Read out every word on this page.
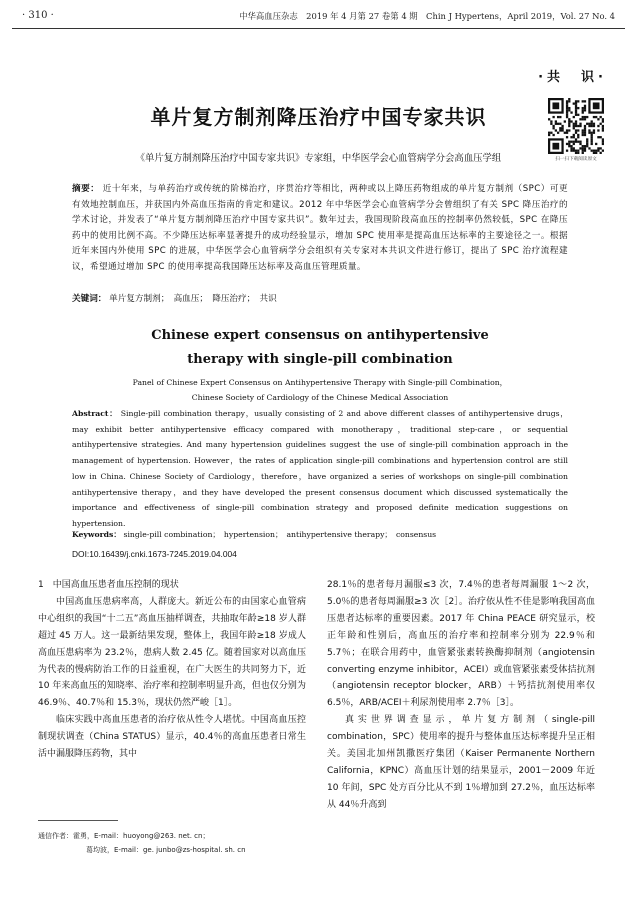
· 310 ·	中华高血压杂志　2019 年 4 月第 27 卷第 4 期　Chin J Hypertens，April 2019，Vol. 27 No. 4
·共　识·
单片复方制剂降压治疗中国专家共识
扫一扫下载阅读原文
《单片复方制剂降压治疗中国专家共识》专家组，中华医学会心血管病学分会高血压学组
摘要： 近十年来，与单药治疗或传统的阶梯治疗，序贯治疗等相比，两种或以上降压药物组成的单片复方制剂（SPC）可更有效地控制血压，并获国内外高血压指南的肯定和建议。2012 年中华医学会心血管病学分会曾组织了有关 SPC 降压治疗的学术讨论，并发表了“单片复方制剂降压治疗中国专家共识”。数年过去，我国现阶段高血压的控制率仍然较低，SPC 在降压药中的使用比例不高。不少降压达标率显著提升的成功经验显示，增加 SPC 使用率是提高血压达标率的主要途径之一。根据近年来国内外使用 SPC 的进展，中华医学会心血管病学分会组织有关专家对本共识文件进行修订，提出了 SPC 治疗流程建议，希望通过增加 SPC 的使用率提高我国降压达标率及高血压管理质量。
关键词： 单片复方制剂；　高血压；　降压治疗；　共识
Chinese expert consensus on antihypertensive
therapy with single-pill combination
Panel of Chinese Expert Consensus on Antihypertensive Therapy with Single-pill Combination，
Chinese Society of Cardiology of the Chinese Medical Association
Abstract： Single-pill combination therapy，usually consisting of 2 and above different classes of antihypertensive drugs，may exhibit better antihypertensive efficacy compared with monotherapy，traditional step-care，or sequential antihypertensive strategies. And many hypertension guidelines suggest the use of single-pill combination approach in the management of hypertension. However，the rates of application single-pill combinations and hypertension control are still low in China. Chinese Society of Cardiology，therefore，have organized a series of workshops on single-pill combination antihypertensive therapy，and they have developed the present consensus document which discussed systematically the importance and effectiveness of single-pill combination strategy and proposed definite medication suggestions on hypertension.
Keywords： single-pill combination；　hypertension；　antihypertensive therapy；　consensus
DOI:10.16439/j.cnki.1673-7245.2019.04.004

1　中国高血压患者血压控制的现状

中国高血压患病率高，人群庞大。新近公布的由国家心血管病中心组织的我国“十二五”高血压抽样调查，共抽取年龄≥18 岁人群超过 45 万人。这一最新结果发现，整体上，我国年龄≥18 岁成人高血压患病率为 23.2％，患病人数 2.45 亿。随着国家对以高血压为代表的慢病防治工作的日益重视，在广大医生的共同努力下，近 10 年来高血压的知晓率、治疗率和控制率明显升高，但也仅分别为 46.9％、40.7％和 15.3％，现状仍然严峻［1］。

临床实践中高血压患者的治疗依从性令人堪忧。中国高血压控制现状调查（China STATUS）显示，40.4％的高血压患者日常生活中漏服降压药物，其中

28.1％的患者每月漏服≤3 次，7.4％的患者每周漏服 1～2 次，5.0％的患者每周漏服≥3 次［2］。治疗依从性不佳是影响我国高血压患者达标率的重要因素。2017 年 China PEACE 研究显示，校正年龄和性别后，高血压的治疗率和控制率分别为 22.9％和 5.7％；在联合用药中，血管紧张素转换酶抑制剂（angiotensin converting enzyme inhibitor，ACEI）或血管紧张素受体拮抗剂（angiotensin receptor blocker，ARB）＋钙拮抗剂使用率仅 6.5％，ARB/ACEI＋利尿剂使用率 2.7％［3］。

真实世界调查显示，单片复方制剂（single-pill combination，SPC）使用率的提升与整体血压达标率提升呈正相关。美国北加州凯撒医疗集团（Kaiser Permanente Northern California，KPNC）高血压计划的结果显示，2001－2009 年近 10 年间，SPC 处方百分比从不到 1％增加到 27.2％，血压达标率从 44％升高到

通信作者：霍勇，E-mail：huoyong@263. net. cn；
葛均波，E-mail：ge. junbo@zs-hospital. sh. cn
